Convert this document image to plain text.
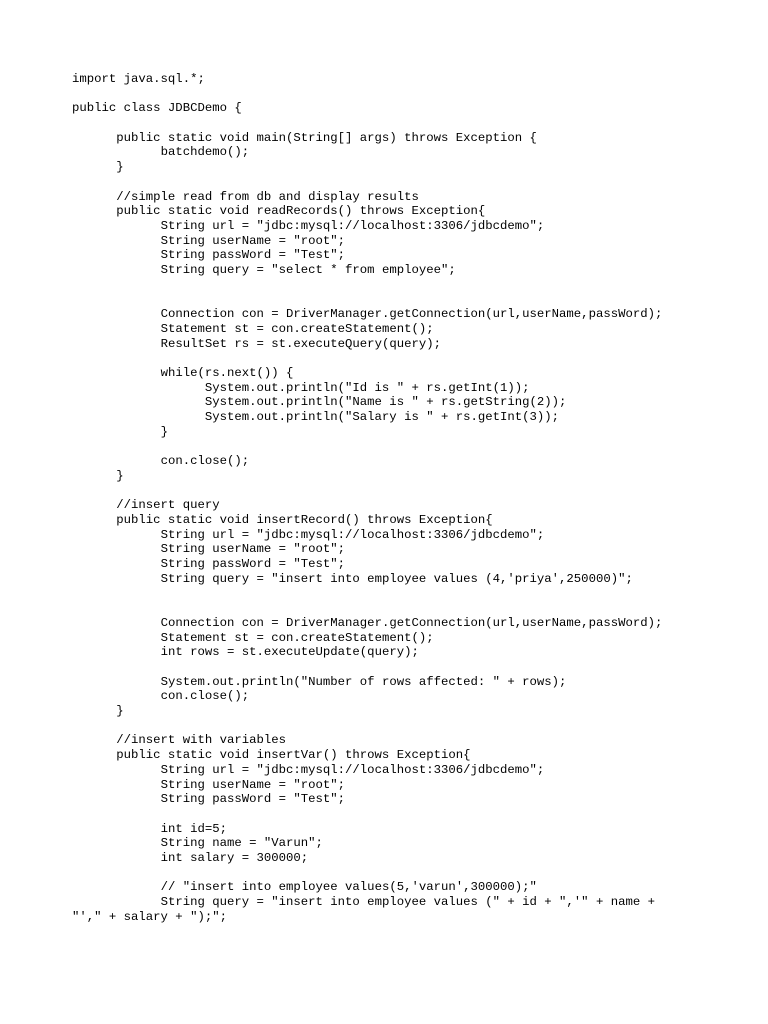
import java.sql.*;
public class JDBCDemo {
	public static void main(String[] args) throws Exception {
		batchdemo();
	}
	//simple read from db and display results
	public static void readRecords() throws Exception{
		String url = "jdbc:mysql://localhost:3306/jdbcdemo";
		String userName = "root";
		String passWord = "Test";
		String query = "select * from employee";
		Connection con = DriverManager.getConnection(url,userName,passWord);
		Statement st = con.createStatement();
		ResultSet rs = st.executeQuery(query);
		while(rs.next()) {
			System.out.println("Id is " + rs.getInt(1));
			System.out.println("Name is " + rs.getString(2));
			System.out.println("Salary is " + rs.getInt(3));
		}
		con.close();
	}
	//insert query
	public static void insertRecord() throws Exception{
		String url = "jdbc:mysql://localhost:3306/jdbcdemo";
		String userName = "root";
		String passWord = "Test";
		String query = "insert into employee values (4,'priya',250000)";
		Connection con = DriverManager.getConnection(url,userName,passWord);
		Statement st = con.createStatement();
		int rows = st.executeUpdate(query);
		System.out.println("Number of rows affected: " + rows);
		con.close();
	}
	//insert with variables
	public static void insertVar() throws Exception{
		String url = "jdbc:mysql://localhost:3306/jdbcdemo";
		String userName = "root";
		String passWord = "Test";
		int id=5;
		String name = "Varun";
		int salary = 300000;
		// "insert into employee values(5,'varun',300000);"
		String query = "insert into employee values (" + id + ",'" + name +
"'," + salary + ");";
